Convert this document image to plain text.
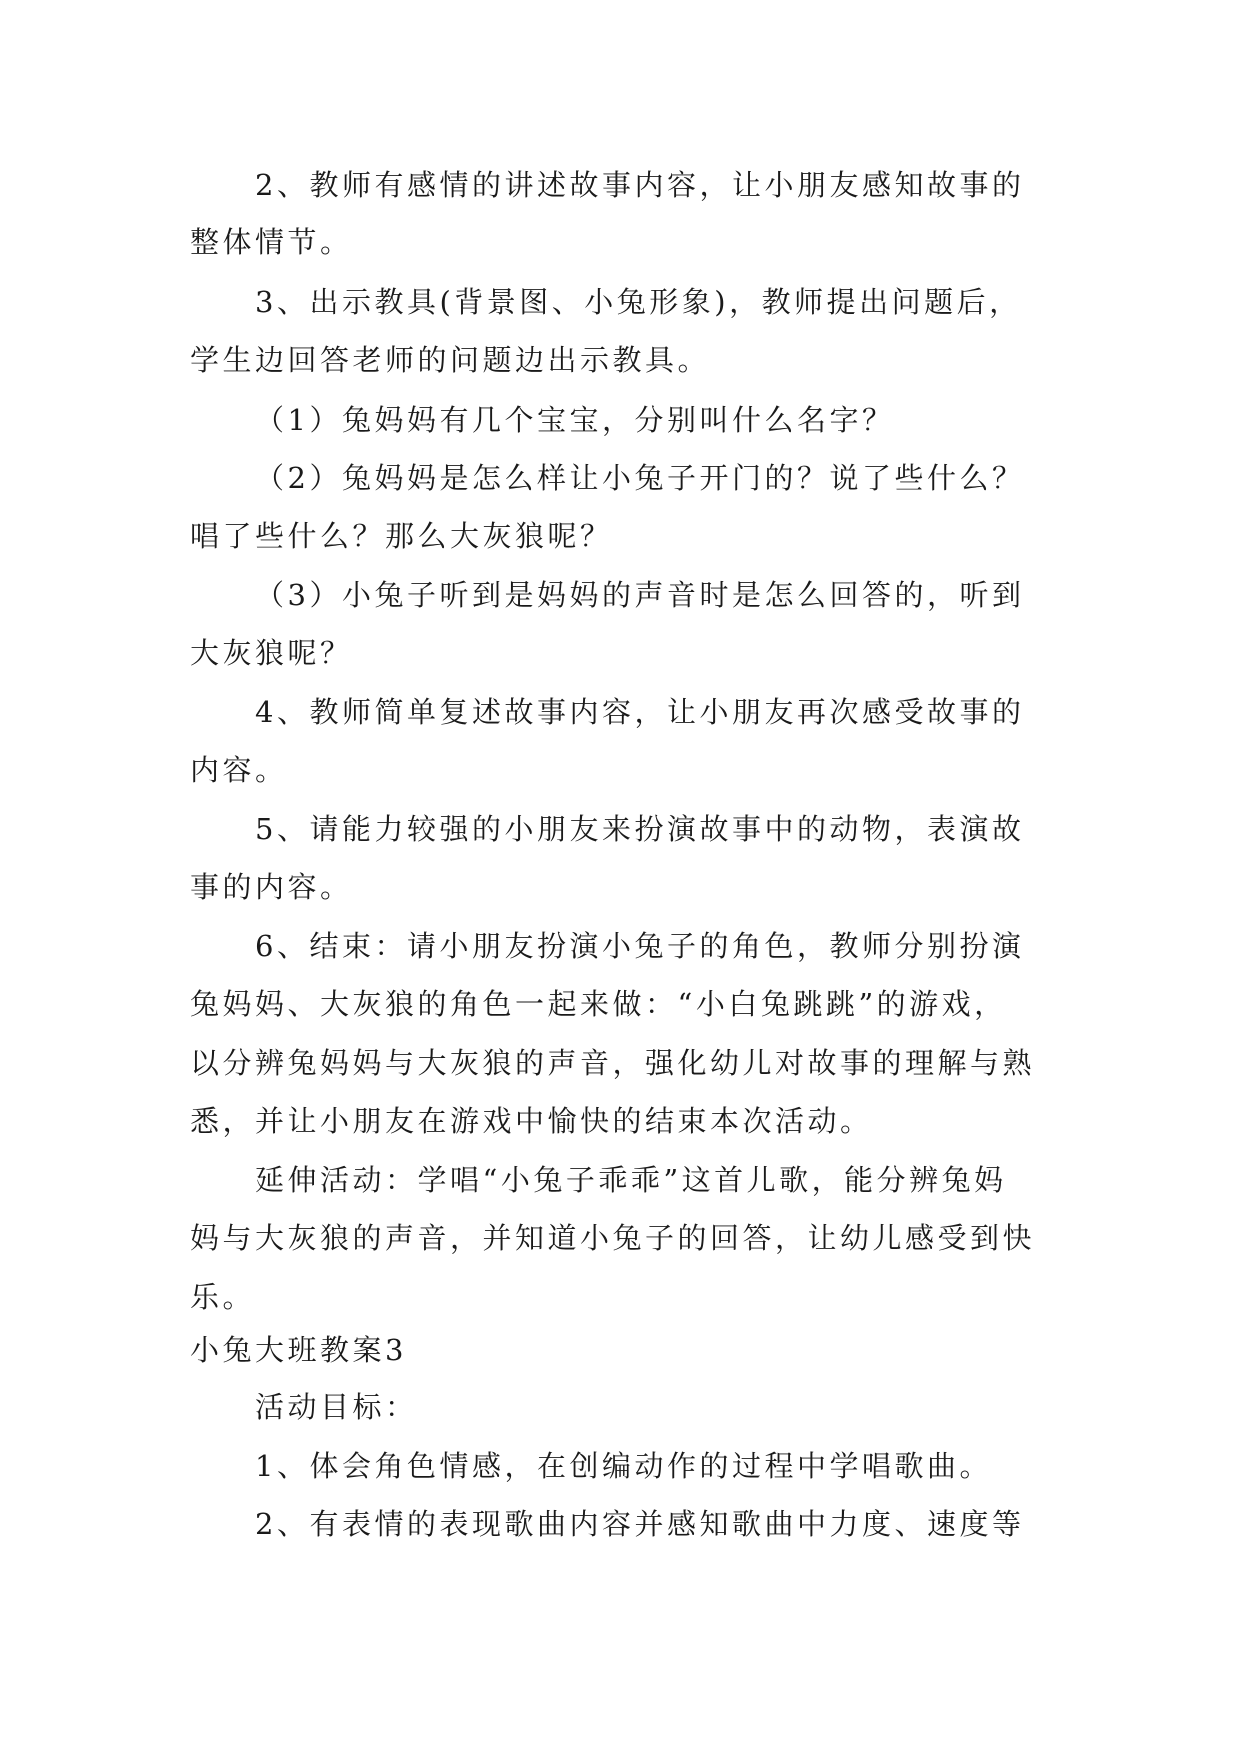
2、教师有感情的讲述故事内容，让小朋友感知故事的
整体情节。
3、出示教具(背景图、小兔形象)，教师提出问题后，
学生边回答老师的问题边出示教具。
（1）兔妈妈有几个宝宝，分别叫什么名字？
（2）兔妈妈是怎么样让小兔子开门的？说了些什么？
唱了些什么？那么大灰狼呢？
（3）小兔子听到是妈妈的声音时是怎么回答的，听到
大灰狼呢？
4、教师简单复述故事内容，让小朋友再次感受故事的
内容。
5、请能力较强的小朋友来扮演故事中的动物，表演故
事的内容。
6、结束：请小朋友扮演小兔子的角色，教师分别扮演
兔妈妈、大灰狼的角色一起来做：“小白兔跳跳”的游戏，
以分辨兔妈妈与大灰狼的声音，强化幼儿对故事的理解与熟
悉，并让小朋友在游戏中愉快的结束本次活动。
延伸活动：学唱“小兔子乖乖”这首儿歌，能分辨兔妈
妈与大灰狼的声音，并知道小兔子的回答，让幼儿感受到快
乐。
小兔大班教案3
活动目标：
1、体会角色情感，在创编动作的过程中学唱歌曲。
2、有表情的表现歌曲内容并感知歌曲中力度、速度等
